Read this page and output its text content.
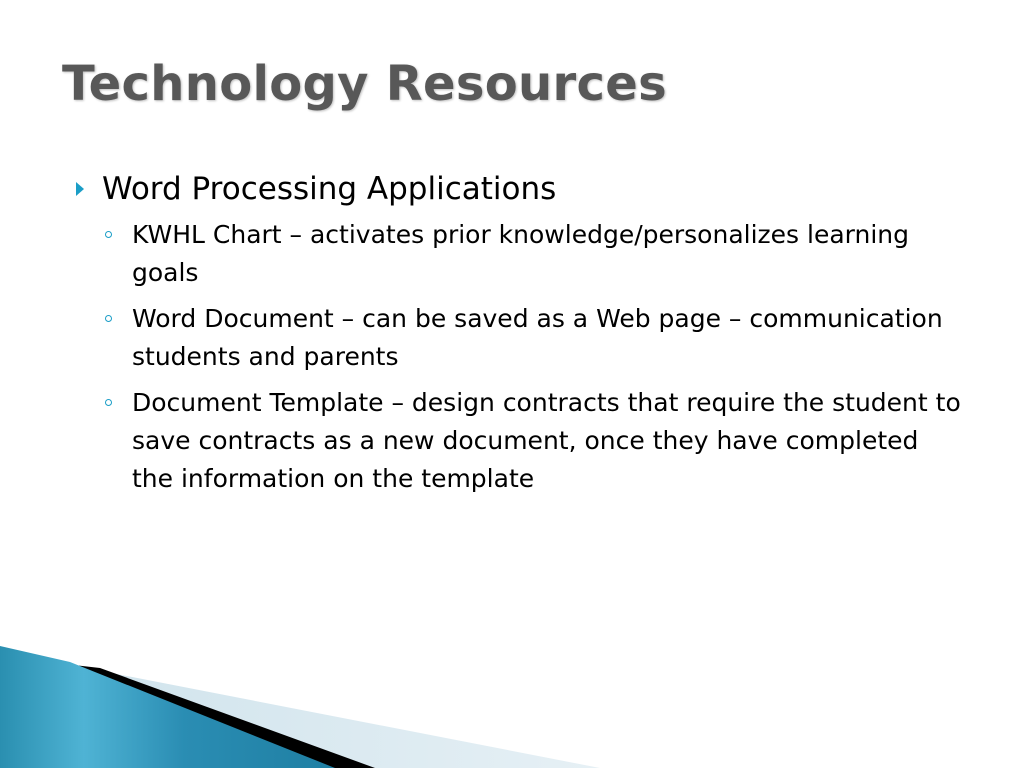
Technology Resources
Word Processing Applications
KWHL Chart – activates prior knowledge/personalizes learning goals
Word Document – can be saved as a Web page – communication students and parents
Document Template – design contracts that require the student to save contracts as a new document, once they have completed the information on the template
